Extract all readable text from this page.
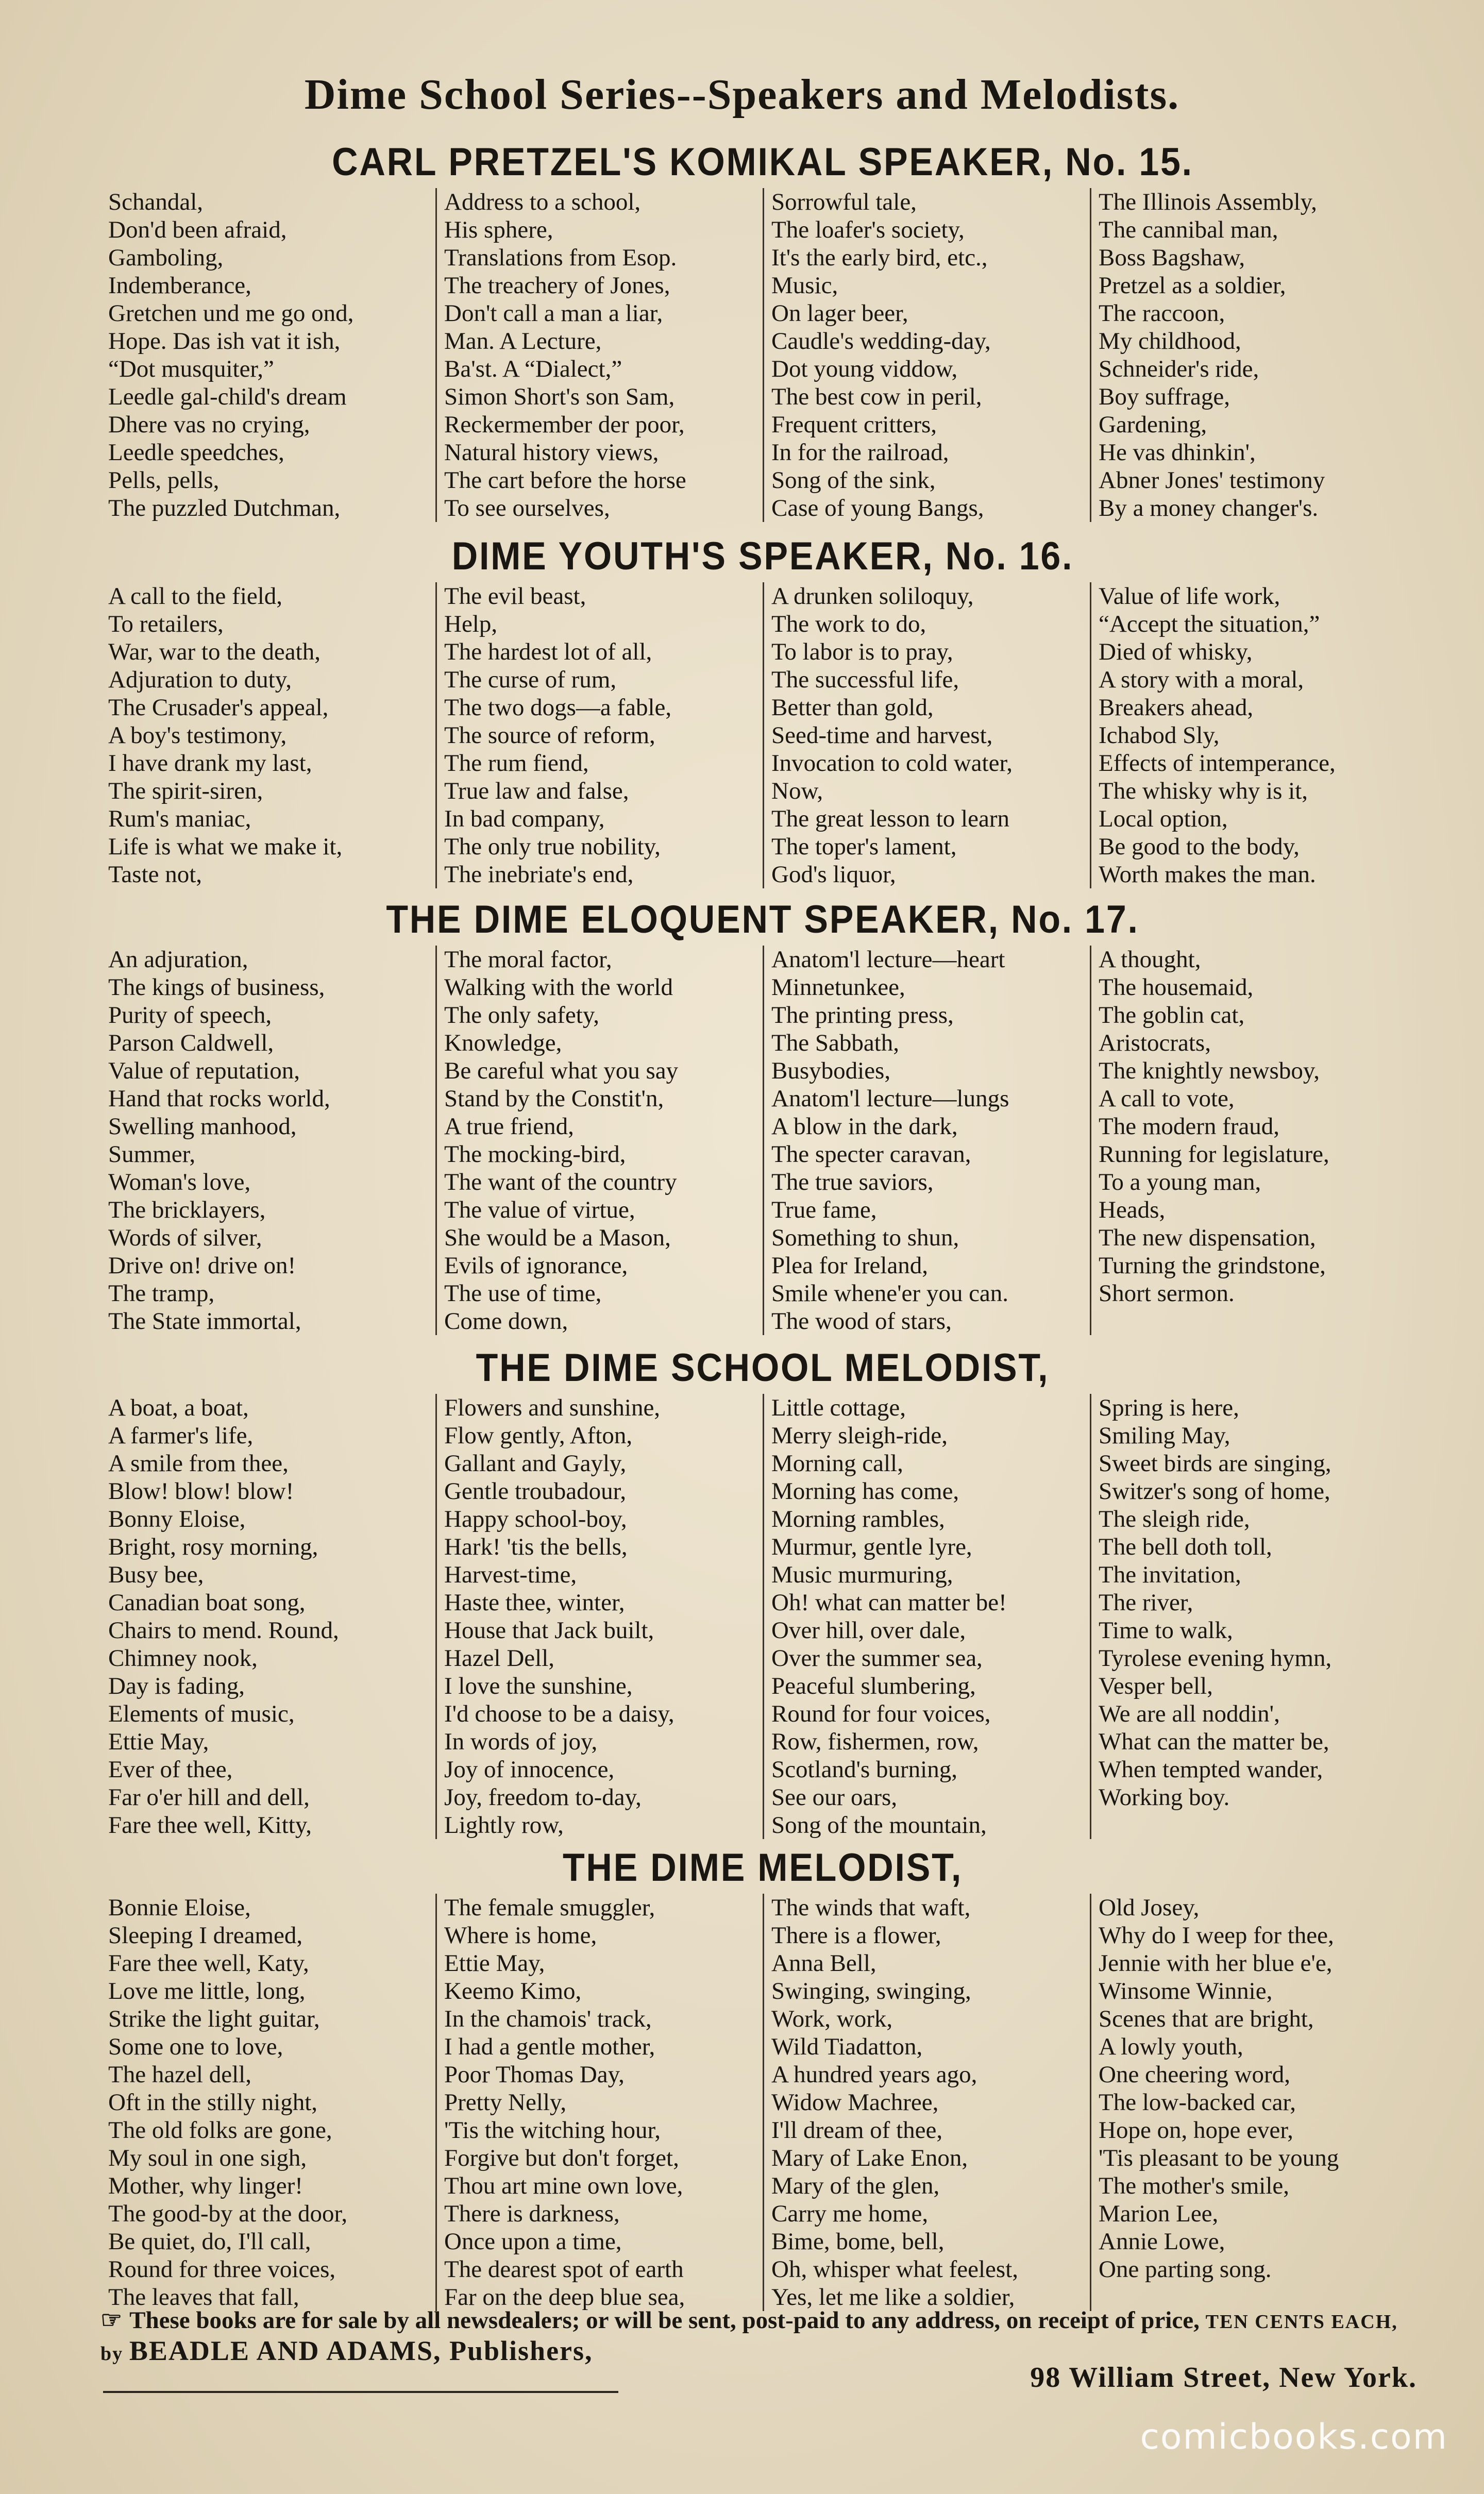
Dime School Series--Speakers and Melodists.
CARL PRETZEL'S KOMIKAL SPEAKER, No. 15.
Schandal,
Don'd been afraid,
Gamboling,
Indemberance,
Gretchen und me go ond,
Hope. Das ish vat it ish,
“Dot musquiter,”
Leedle gal-child's dream
Dhere vas no crying,
Leedle speedches,
Pells, pells,
The puzzled Dutchman,
Address to a school,
His sphere,
Translations from Esop.
The treachery of Jones,
Don't call a man a liar,
Man. A Lecture,
Ba'st. A “Dialect,”
Simon Short's son Sam,
Reckermember der poor,
Natural history views,
The cart before the horse
To see ourselves,
Sorrowful tale,
The loafer's society,
It's the early bird, etc.,
Music,
On lager beer,
Caudle's wedding-day,
Dot young viddow,
The best cow in peril,
Frequent critters,
In for the railroad,
Song of the sink,
Case of young Bangs,
The Illinois Assembly,
The cannibal man,
Boss Bagshaw,
Pretzel as a soldier,
The raccoon,
My childhood,
Schneider's ride,
Boy suffrage,
Gardening,
He vas dhinkin',
Abner Jones' testimony
By a money changer's.
DIME YOUTH'S SPEAKER, No. 16.
A call to the field,
To retailers,
War, war to the death,
Adjuration to duty,
The Crusader's appeal,
A boy's testimony,
I have drank my last,
The spirit-siren,
Rum's maniac,
Life is what we make it,
Taste not,
The evil beast,
Help,
The hardest lot of all,
The curse of rum,
The two dogs—a fable,
The source of reform,
The rum fiend,
True law and false,
In bad company,
The only true nobility,
The inebriate's end,
A drunken soliloquy,
The work to do,
To labor is to pray,
The successful life,
Better than gold,
Seed-time and harvest,
Invocation to cold water,
Now,
The great lesson to learn
The toper's lament,
God's liquor,
Value of life work,
“Accept the situation,”
Died of whisky,
A story with a moral,
Breakers ahead,
Ichabod Sly,
Effects of intemperance,
The whisky why is it,
Local option,
Be good to the body,
Worth makes the man.
THE DIME ELOQUENT SPEAKER, No. 17.
An adjuration,
The kings of business,
Purity of speech,
Parson Caldwell,
Value of reputation,
Hand that rocks world,
Swelling manhood,
Summer,
Woman's love,
The bricklayers,
Words of silver,
Drive on! drive on!
The tramp,
The State immortal,
The moral factor,
Walking with the world
The only safety,
Knowledge,
Be careful what you say
Stand by the Constit'n,
A true friend,
The mocking-bird,
The want of the country
The value of virtue,
She would be a Mason,
Evils of ignorance,
The use of time,
Come down,
Anatom'l lecture—heart
Minnetunkee,
The printing press,
The Sabbath,
Busybodies,
Anatom'l lecture—lungs
A blow in the dark,
The specter caravan,
The true saviors,
True fame,
Something to shun,
Plea for Ireland,
Smile whene'er you can.
The wood of stars,
A thought,
The housemaid,
The goblin cat,
Aristocrats,
The knightly newsboy,
A call to vote,
The modern fraud,
Running for legislature,
To a young man,
Heads,
The new dispensation,
Turning the grindstone,
Short sermon.
THE DIME SCHOOL MELODIST,
A boat, a boat,
A farmer's life,
A smile from thee,
Blow! blow! blow!
Bonny Eloise,
Bright, rosy morning,
Busy bee,
Canadian boat song,
Chairs to mend. Round,
Chimney nook,
Day is fading,
Elements of music,
Ettie May,
Ever of thee,
Far o'er hill and dell,
Fare thee well, Kitty,
Flowers and sunshine,
Flow gently, Afton,
Gallant and Gayly,
Gentle troubadour,
Happy school-boy,
Hark! 'tis the bells,
Harvest-time,
Haste thee, winter,
House that Jack built,
Hazel Dell,
I love the sunshine,
I'd choose to be a daisy,
In words of joy,
Joy of innocence,
Joy, freedom to-day,
Lightly row,
Little cottage,
Merry sleigh-ride,
Morning call,
Morning has come,
Morning rambles,
Murmur, gentle lyre,
Music murmuring,
Oh! what can matter be!
Over hill, over dale,
Over the summer sea,
Peaceful slumbering,
Round for four voices,
Row, fishermen, row,
Scotland's burning,
See our oars,
Song of the mountain,
Spring is here,
Smiling May,
Sweet birds are singing,
Switzer's song of home,
The sleigh ride,
The bell doth toll,
The invitation,
The river,
Time to walk,
Tyrolese evening hymn,
Vesper bell,
We are all noddin',
What can the matter be,
When tempted wander,
Working boy.
THE DIME MELODIST,
Bonnie Eloise,
Sleeping I dreamed,
Fare thee well, Katy,
Love me little, long,
Strike the light guitar,
Some one to love,
The hazel dell,
Oft in the stilly night,
The old folks are gone,
My soul in one sigh,
Mother, why linger!
The good-by at the door,
Be quiet, do, I'll call,
Round for three voices,
The leaves that fall,
The female smuggler,
Where is home,
Ettie May,
Keemo Kimo,
In the chamois' track,
I had a gentle mother,
Poor Thomas Day,
Pretty Nelly,
'Tis the witching hour,
Forgive but don't forget,
Thou art mine own love,
There is darkness,
Once upon a time,
The dearest spot of earth
Far on the deep blue sea,
The winds that waft,
There is a flower,
Anna Bell,
Swinging, swinging,
Work, work,
Wild Tiadatton,
A hundred years ago,
Widow Machree,
I'll dream of thee,
Mary of Lake Enon,
Mary of the glen,
Carry me home,
Bime, bome, bell,
Oh, whisper what feelest,
Yes, let me like a soldier,
Old Josey,
Why do I weep for thee,
Jennie with her blue e'e,
Winsome Winnie,
Scenes that are bright,
A lowly youth,
One cheering word,
The low-backed car,
Hope on, hope ever,
'Tis pleasant to be young
The mother's smile,
Marion Lee,
Annie Lowe,
One parting song.
☞ These books are for sale by all newsdealers; or will be sent, post-paid to any address, on receipt of price, TEN CENTS EACH, by BEADLE AND ADAMS, Publishers,
98 William Street, New York.
comicbooks.com
